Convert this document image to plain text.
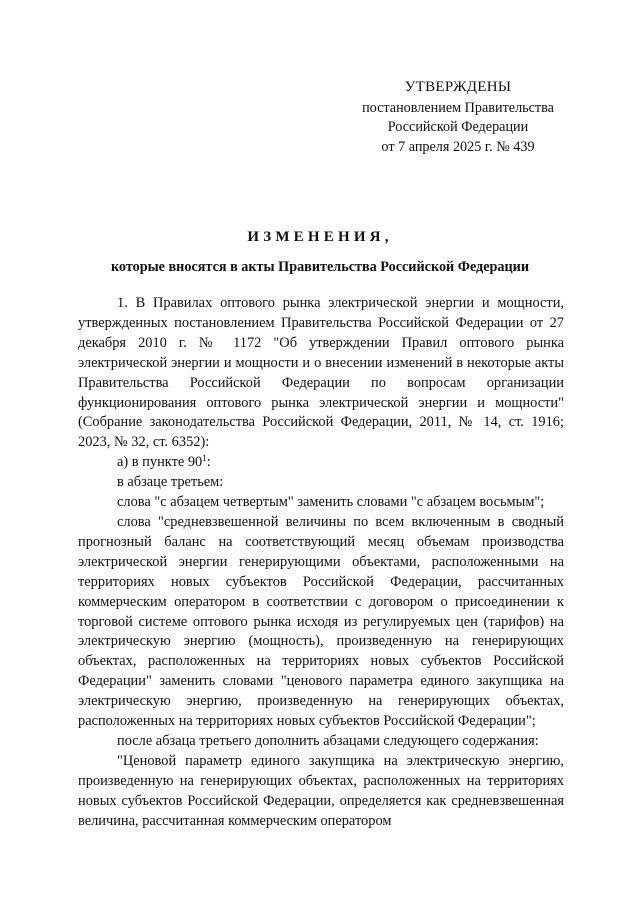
УТВЕРЖДЕНЫ
постановлением Правительства
Российской Федерации
от 7 апреля 2025 г. № 439
ИЗМЕНЕНИЯ,
которые вносятся в акты Правительства Российской Федерации

1. В Правилах оптового рынка электрической энергии и мощности, утвержденных постановлением Правительства Российской Федерации от 27 декабря 2010 г. № 1172 "Об утверждении Правил оптового рынка электрической энергии и мощности и о внесении изменений в некоторые акты Правительства Российской Федерации по вопросам организации функционирования оптового рынка электрической энергии и мощности" (Собрание законодательства Российской Федерации, 2011, № 14, ст. 1916; 2023, № 32, ст. 6352):

а) в пункте $90^1$:

в абзаце третьем:

слова "с абзацем четвертым" заменить словами "с абзацем восьмым";

слова "средневзвешенной величины по всем включенным в сводный прогнозный баланс на соответствующий месяц объемам производства электрической энергии генерирующими объектами, расположенными на территориях новых субъектов Российской Федерации, рассчитанных коммерческим оператором в соответствии с договором о присоединении к торговой системе оптового рынка исходя из регулируемых цен (тарифов) на электрическую энергию (мощность), произведенную на генерирующих объектах, расположенных на территориях новых субъектов Российской Федерации" заменить словами "ценового параметра единого закупщика на электрическую энергию, произведенную на генерирующих объектах, расположенных на территориях новых субъектов Российской Федерации";

после абзаца третьего дополнить абзацами следующего содержания:

"Ценовой параметр единого закупщика на электрическую энергию, произведенную на генерирующих объектах, расположенных на территориях новых субъектов Российской Федерации, определяется как средневзвешенная величина, рассчитанная коммерческим оператором
